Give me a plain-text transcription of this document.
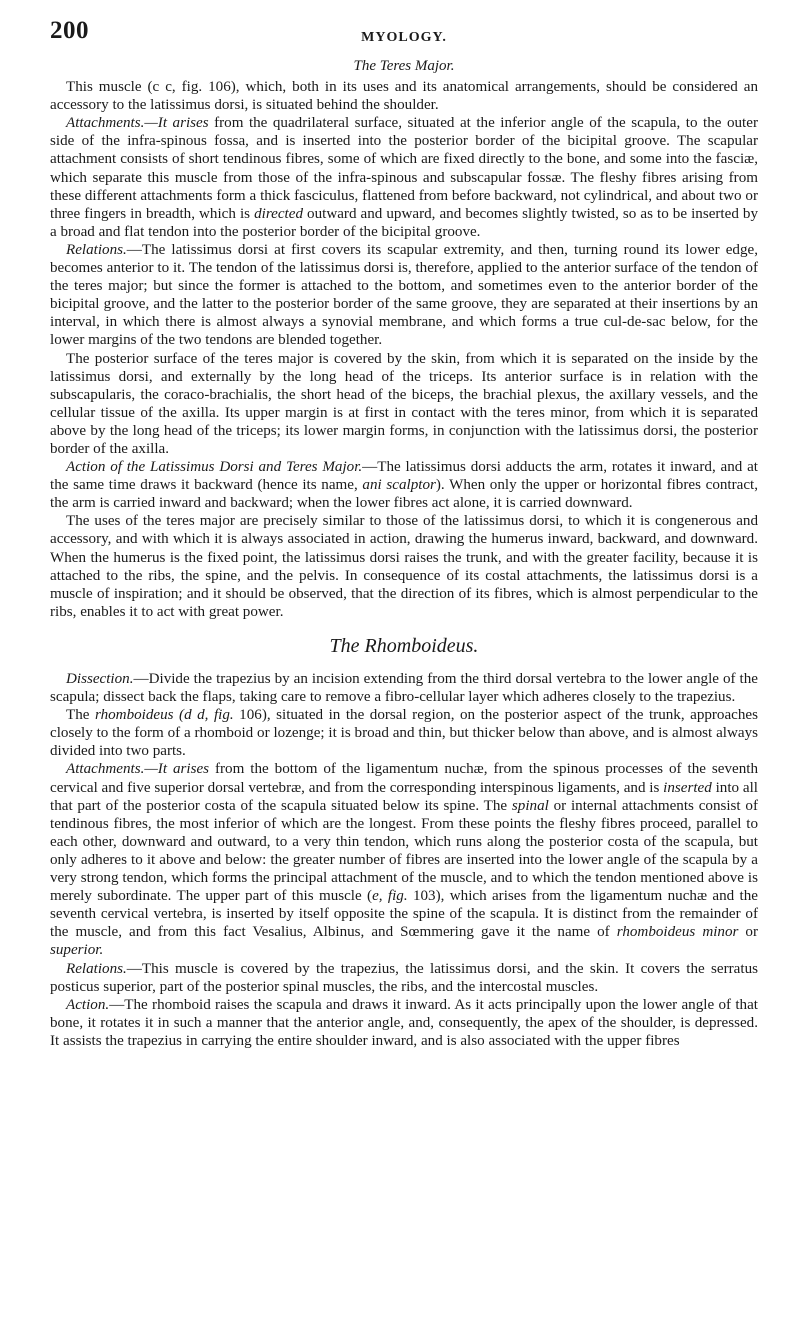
200	MYOLOGY.
The Teres Major.

This muscle (c c, fig. 106), which, both in its uses and its anatomical arrangements, should be considered an accessory to the latissimus dorsi, is situated behind the shoulder.

Attachments.—It arises from the quadrilateral surface, situated at the inferior angle of the scapula, to the outer side of the infra-spinous fossa, and is inserted into the posterior border of the bicipital groove. The scapular attachment consists of short tendinous fibres, some of which are fixed directly to the bone, and some into the fasciæ, which separate this muscle from those of the infra-spinous and subscapular fossæ. The fleshy fibres arising from these different attachments form a thick fasciculus, flattened from before backward, not cylindrical, and about two or three fingers in breadth, which is directed outward and upward, and becomes slightly twisted, so as to be inserted by a broad and flat tendon into the posterior border of the bicipital groove.

Relations.—The latissimus dorsi at first covers its scapular extremity, and then, turning round its lower edge, becomes anterior to it. The tendon of the latissimus dorsi is, therefore, applied to the anterior surface of the tendon of the teres major; but since the former is attached to the bottom, and sometimes even to the anterior border of the bicipital groove, and the latter to the posterior border of the same groove, they are separated at their insertions by an interval, in which there is almost always a synovial membrane, and which forms a true cul-de-sac below, for the lower margins of the two tendons are blended together.

The posterior surface of the teres major is covered by the skin, from which it is separated on the inside by the latissimus dorsi, and externally by the long head of the triceps. Its anterior surface is in relation with the subscapularis, the coraco-brachialis, the short head of the biceps, the brachial plexus, the axillary vessels, and the cellular tissue of the axilla. Its upper margin is at first in contact with the teres minor, from which it is separated above by the long head of the triceps; its lower margin forms, in conjunction with the latissimus dorsi, the posterior border of the axilla.

Action of the Latissimus Dorsi and Teres Major.—The latissimus dorsi adducts the arm, rotates it inward, and at the same time draws it backward (hence its name, ani scalptor). When only the upper or horizontal fibres contract, the arm is carried inward and backward; when the lower fibres act alone, it is carried downward.

The uses of the teres major are precisely similar to those of the latissimus dorsi, to which it is congenerous and accessory, and with which it is always associated in action, drawing the humerus inward, backward, and downward. When the humerus is the fixed point, the latissimus dorsi raises the trunk, and with the greater facility, because it is attached to the ribs, the spine, and the pelvis. In consequence of its costal attachments, the latissimus dorsi is a muscle of inspiration; and it should be observed, that the direction of its fibres, which is almost perpendicular to the ribs, enables it to act with great power.

The Rhomboideus.

Dissection.—Divide the trapezius by an incision extending from the third dorsal vertebra to the lower angle of the scapula; dissect back the flaps, taking care to remove a fibro-cellular layer which adheres closely to the trapezius.

The rhomboideus (d d, fig. 106), situated in the dorsal region, on the posterior aspect of the trunk, approaches closely to the form of a rhomboid or lozenge; it is broad and thin, but thicker below than above, and is almost always divided into two parts.

Attachments.—It arises from the bottom of the ligamentum nuchæ, from the spinous processes of the seventh cervical and five superior dorsal vertebræ, and from the corresponding interspinous ligaments, and is inserted into all that part of the posterior costa of the scapula situated below its spine. The spinal or internal attachments consist of tendinous fibres, the most inferior of which are the longest. From these points the fleshy fibres proceed, parallel to each other, downward and outward, to a very thin tendon, which runs along the posterior costa of the scapula, but only adheres to it above and below: the greater number of fibres are inserted into the lower angle of the scapula by a very strong tendon, which forms the principal attachment of the muscle, and to which the tendon mentioned above is merely subordinate. The upper part of this muscle (e, fig. 103), which arises from the ligamentum nuchæ and the seventh cervical vertebra, is inserted by itself opposite the spine of the scapula. It is distinct from the remainder of the muscle, and from this fact Vesalius, Albinus, and Sœmmering gave it the name of rhomboideus minor or superior.

Relations.—This muscle is covered by the trapezius, the latissimus dorsi, and the skin. It covers the serratus posticus superior, part of the posterior spinal muscles, the ribs, and the intercostal muscles.

Action.—The rhomboid raises the scapula and draws it inward. As it acts principally upon the lower angle of that bone, it rotates it in such a manner that the anterior angle, and, consequently, the apex of the shoulder, is depressed. It assists the trapezius in carrying the entire shoulder inward, and is also associated with the upper fibres
